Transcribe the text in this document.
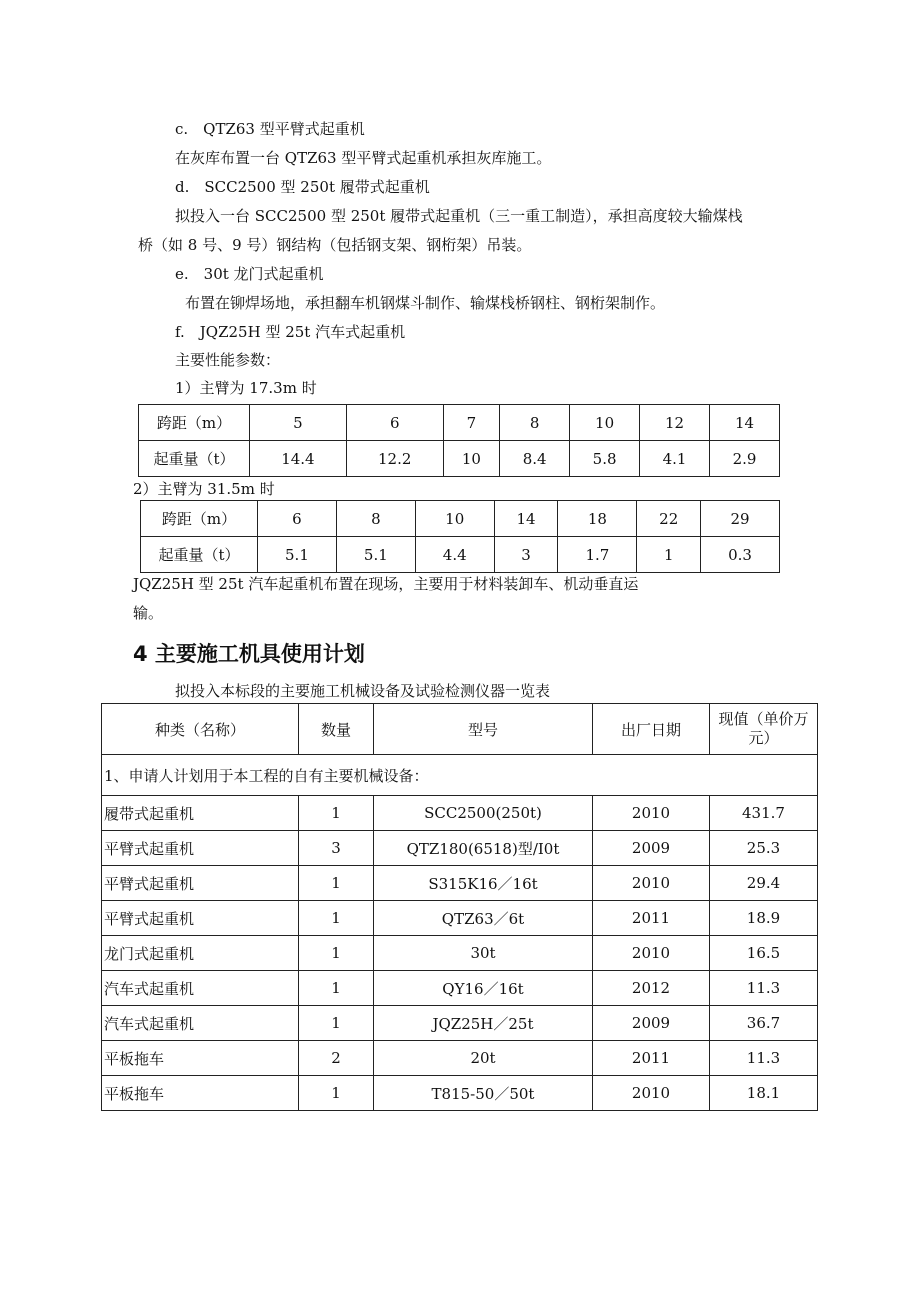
c.　QTZ63 型平臂式起重机
在灰库布置一台 QTZ63 型平臂式起重机承担灰库施工。
d.　SCC2500 型 250t 履带式起重机
拟投入一台 SCC2500 型 250t 履带式起重机（三一重工制造），承担高度较大输煤栈
桥（如 8 号、9 号）钢结构（包括钢支架、钢桁架）吊装。
e.　30t 龙门式起重机
布置在铆焊场地，承担翻车机钢煤斗制作、输煤栈桥钢柱、钢桁架制作。
f.　JQZ25H 型 25t 汽车式起重机
主要性能参数：
1）主臂为 17.3m 时
跨距（m）	5	6	7	8	10	12	14
起重量（t）	14.4	12.2	10	8.4	5.8	4.1	2.9
2）主臂为 31.5m 时
跨距（m）	6	8	10	14	18	22	29
起重量（t）	5.1	5.1	4.4	3	1.7	1	0.3
JQZ25H 型 25t 汽车起重机布置在现场，主要用于材料装卸车、机动垂直运
输。
4 主要施工机具使用计划
拟投入本标段的主要施工机械设备及试验检测仪器一览表
种类（名称）	数量	型号	出厂日期	现值（单价万
元）
1、申请人计划用于本工程的自有主要机械设备：				
履带式起重机	1	SCC2500(250t)	2010	431.7
平臂式起重机	3	QTZ180(6518)型/I0t	2009	25.3
平臂式起重机	1	S315K16／16t	2010	29.4
平臂式起重机	1	QTZ63／6t	2011	18.9
龙门式起重机	1	30t	2010	16.5
汽车式起重机	1	QY16／16t	2012	11.3
汽车式起重机	1	JQZ25H／25t	2009	36.7
平板拖车	2	20t	2011	11.3
平板拖车	1	T815-50／50t	2010	18.1
